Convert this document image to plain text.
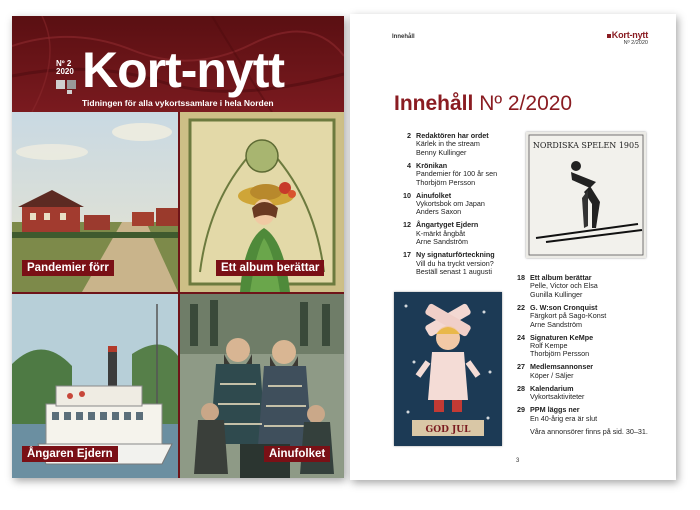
Nº 2
2020 Kort-nytt
Tidningen för alla vykortssamlare i hela Norden
Pandemier förr	Ett album berättar
Ångaren Ejdern	Ainufolket
Innehåll	Kort-nytt
Nº 2/2020
Innehåll Nº 2/2020
2 Redaktören har ordet
Kärlek in the stream
Benny Kullinger
4 Krönikan
Pandemier för 100 år sen
Thorbjörn Persson
10 Ainufolket
Vykortsbok om Japan
Anders Saxon
12 Ångartyget Ejdern
K-märkt ångbåt
Arne Sandström
17 Ny signaturförteckning
Vill du ha tryckt version?
Beställ senast 1 augusti
18 Ett album berättar
Pelle, Victor och Elsa
Gunilla Kullinger
22 G. W:son Cronquist
Färgkort på Sago-Konst
Arne Sandström
24 Signaturen KeMpe
Rolf Kempe
Thorbjörn Persson
27 Medlemsannonser
Köper / Säljer
28 Kalendarium
Vykortsaktiviteter
29 PPM läggs ner
En 40-årig era är slut
Våra annonsörer finns på sid. 30–31.
NORDISKA SPELEN 1905
GOD JUL
3
